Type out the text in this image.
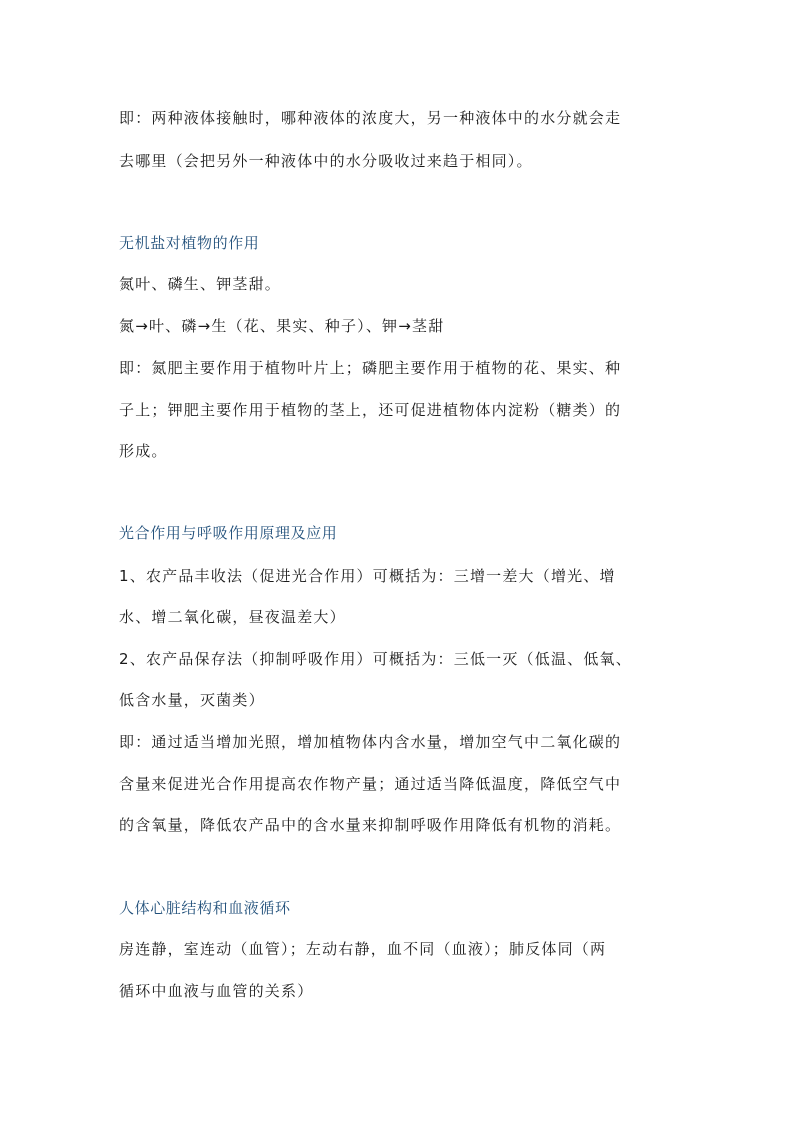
即：两种液体接触时，哪种液体的浓度大，另一种液体中的水分就会走
去哪里（会把另外一种液体中的水分吸收过来趋于相同）。
无机盐对植物的作用
氮叶、磷生、钾茎甜。
氮→叶、磷→生（花、果实、种子）、钾→茎甜
即：氮肥主要作用于植物叶片上；磷肥主要作用于植物的花、果实、种
子上；钾肥主要作用于植物的茎上，还可促进植物体内淀粉（糖类）的
形成。
光合作用与呼吸作用原理及应用
1、农产品丰收法（促进光合作用）可概括为：三增一差大（增光、增
水、增二氧化碳，昼夜温差大）
2、农产品保存法（抑制呼吸作用）可概括为：三低一灭（低温、低氧、
低含水量，灭菌类）
即：通过适当增加光照，增加植物体内含水量，增加空气中二氧化碳的
含量来促进光合作用提高农作物产量；通过适当降低温度，降低空气中
的含氧量，降低农产品中的含水量来抑制呼吸作用降低有机物的消耗。
人体心脏结构和血液循环
房连静，室连动（血管）；左动右静，血不同（血液）；肺反体同（两
循环中血液与血管的关系）
